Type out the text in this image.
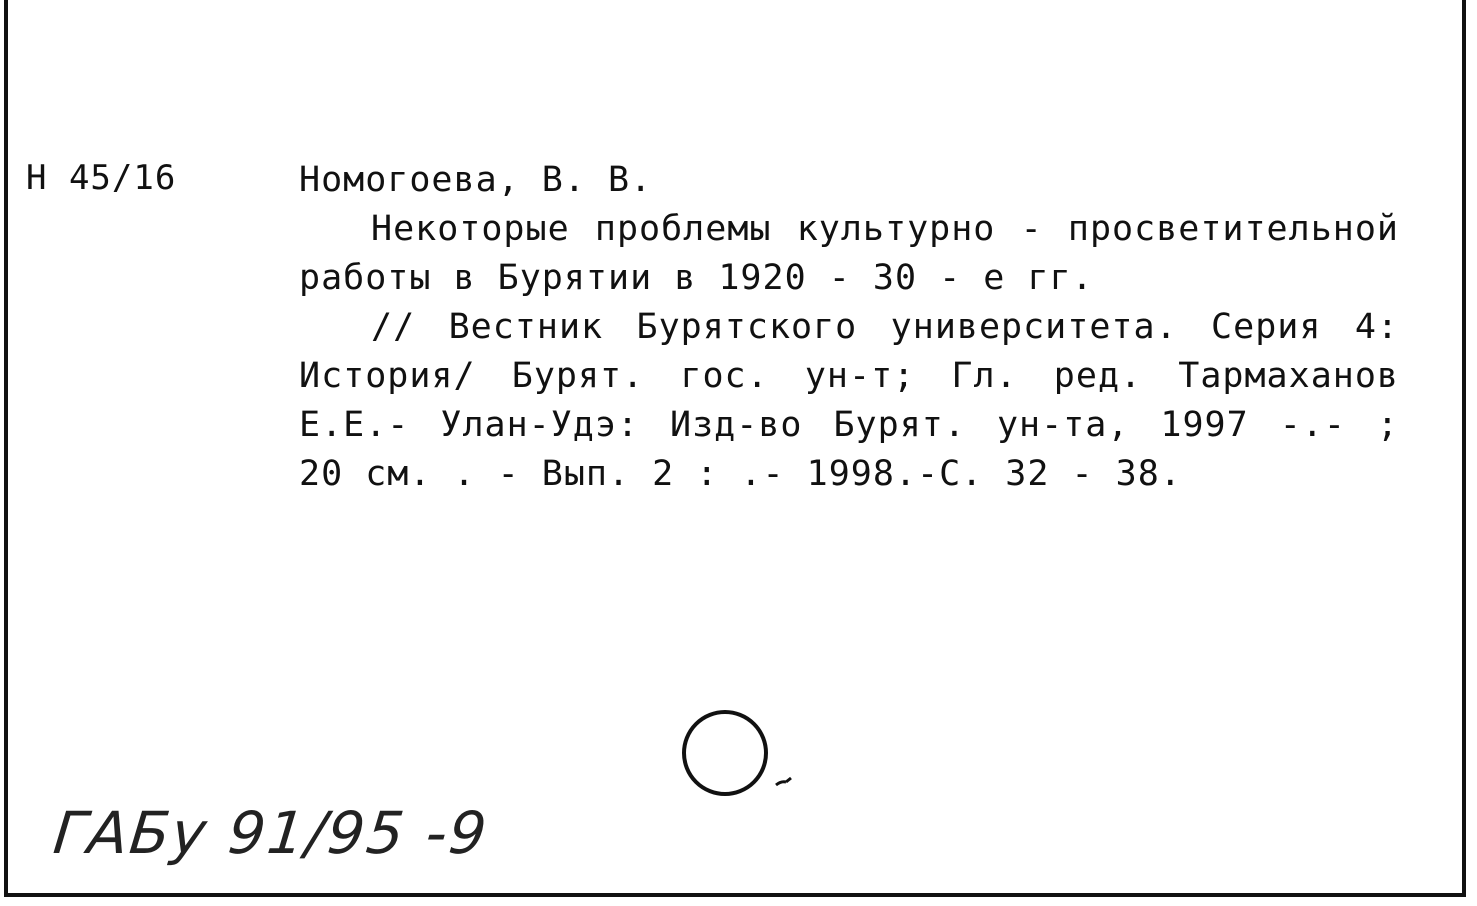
Н 45/16	Номогоева, В. В.

Некоторые проблемы культурно - просветительной работы в Бурятии в 1920 - 30 - е гг.

// Вестник Бурятского университета. Серия 4: История/ Бурят. гос. ун-т; Гл. ред. Тармаханов Е.Е.- Улан-Удэ: Изд-во Бурят. ун-та, 1997 -.- ; 20 см. . - Вып. 2 : .- 1998.-С. 32 - 38.

ГАБу 91/95 -9
